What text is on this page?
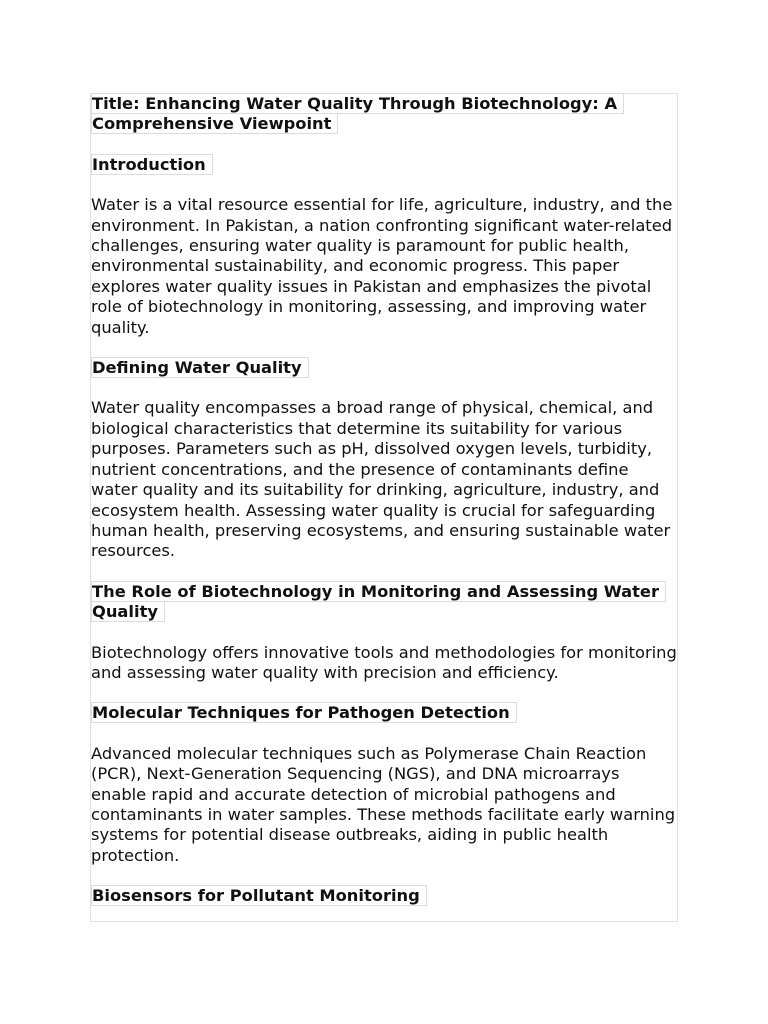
Title: Enhancing Water Quality Through Biotechnology: A Comprehensive Viewpoint
Introduction

Water is a vital resource essential for life, agriculture, industry, and the environment. In Pakistan, a nation confronting significant water-related challenges, ensuring water quality is paramount for public health, environmental sustainability, and economic progress. This paper explores water quality issues in Pakistan and emphasizes the pivotal role of biotechnology in monitoring, assessing, and improving water quality.

Defining Water Quality

Water quality encompasses a broad range of physical, chemical, and biological characteristics that determine its suitability for various purposes. Parameters such as pH, dissolved oxygen levels, turbidity, nutrient concentrations, and the presence of contaminants define water quality and its suitability for drinking, agriculture, industry, and ecosystem health. Assessing water quality is crucial for safeguarding human health, preserving ecosystems, and ensuring sustainable water resources.

The Role of Biotechnology in Monitoring and Assessing Water Quality

Biotechnology offers innovative tools and methodologies for monitoring and assessing water quality with precision and efficiency.

Molecular Techniques for Pathogen Detection

Advanced molecular techniques such as Polymerase Chain Reaction (PCR), Next-Generation Sequencing (NGS), and DNA microarrays enable rapid and accurate detection of microbial pathogens and contaminants in water samples. These methods facilitate early warning systems for potential disease outbreaks, aiding in public health protection.

Biosensors for Pollutant Monitoring
